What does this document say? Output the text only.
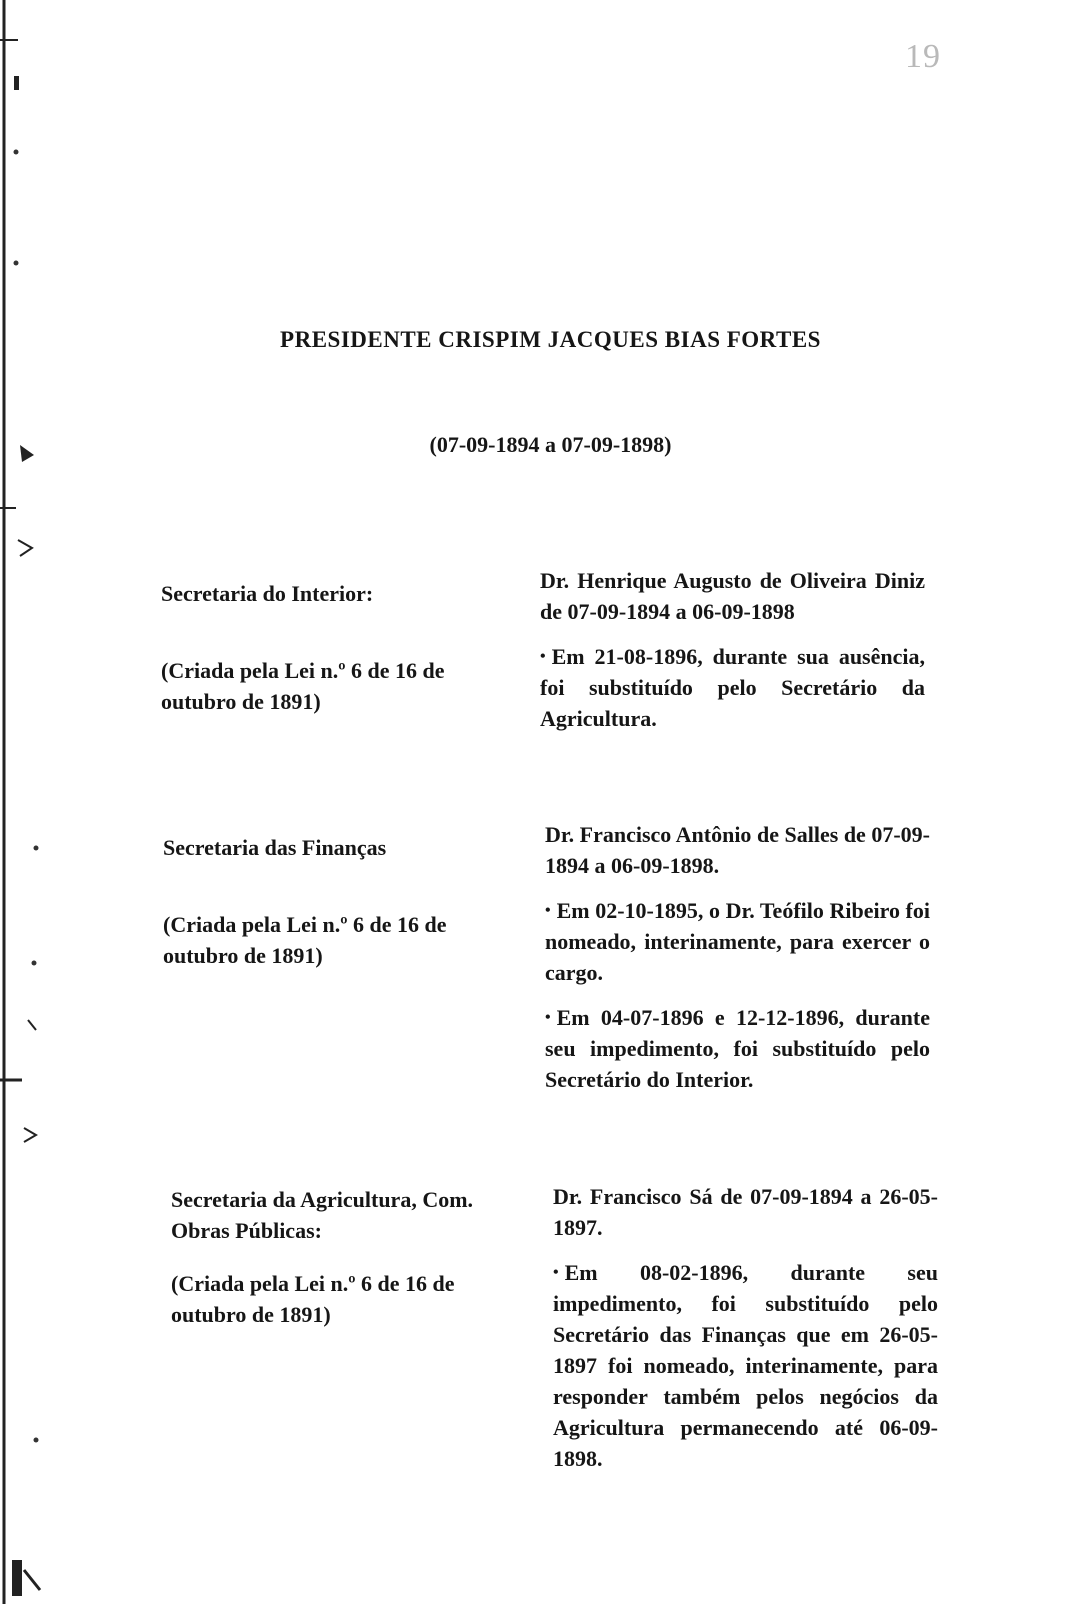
19
PRESIDENTE CRISPIM JACQUES BIAS FORTES
(07-09-1894 a 07-09-1898)

Secretaria do Interior:

(Criada pela Lei n.º 6 de 16 de outubro de 1891)

Dr. Henrique Augusto de Oliveira Diniz de 07-09-1894 a 06-09-1898

• Em 21-08-1896, durante sua ausência, foi substituído pelo Secretário da Agricultura.

Secretaria das Finanças

(Criada pela Lei n.º 6 de 16 de outubro de 1891)

Dr. Francisco Antônio de Salles de 07-09-1894 a 06-09-1898.

• Em 02-10-1895, o Dr. Teófilo Ribeiro foi nomeado, interinamente, para exercer o cargo.

• Em 04-07-1896 e 12-12-1896, durante seu impedimento, foi substituído pelo Secretário do Interior.

Secretaria da Agricultura, Com. Obras Públicas:

(Criada pela Lei n.º 6 de 16 de outubro de 1891)

Dr. Francisco Sá de 07-09-1894 a 26-05-1897.

• Em 08-02-1896, durante seu impedimento, foi substituído pelo Secretário das Finanças que em 26-05-1897 foi nomeado, interinamente, para responder também pelos negócios da Agricultura permanecendo até 06-09-1898.
